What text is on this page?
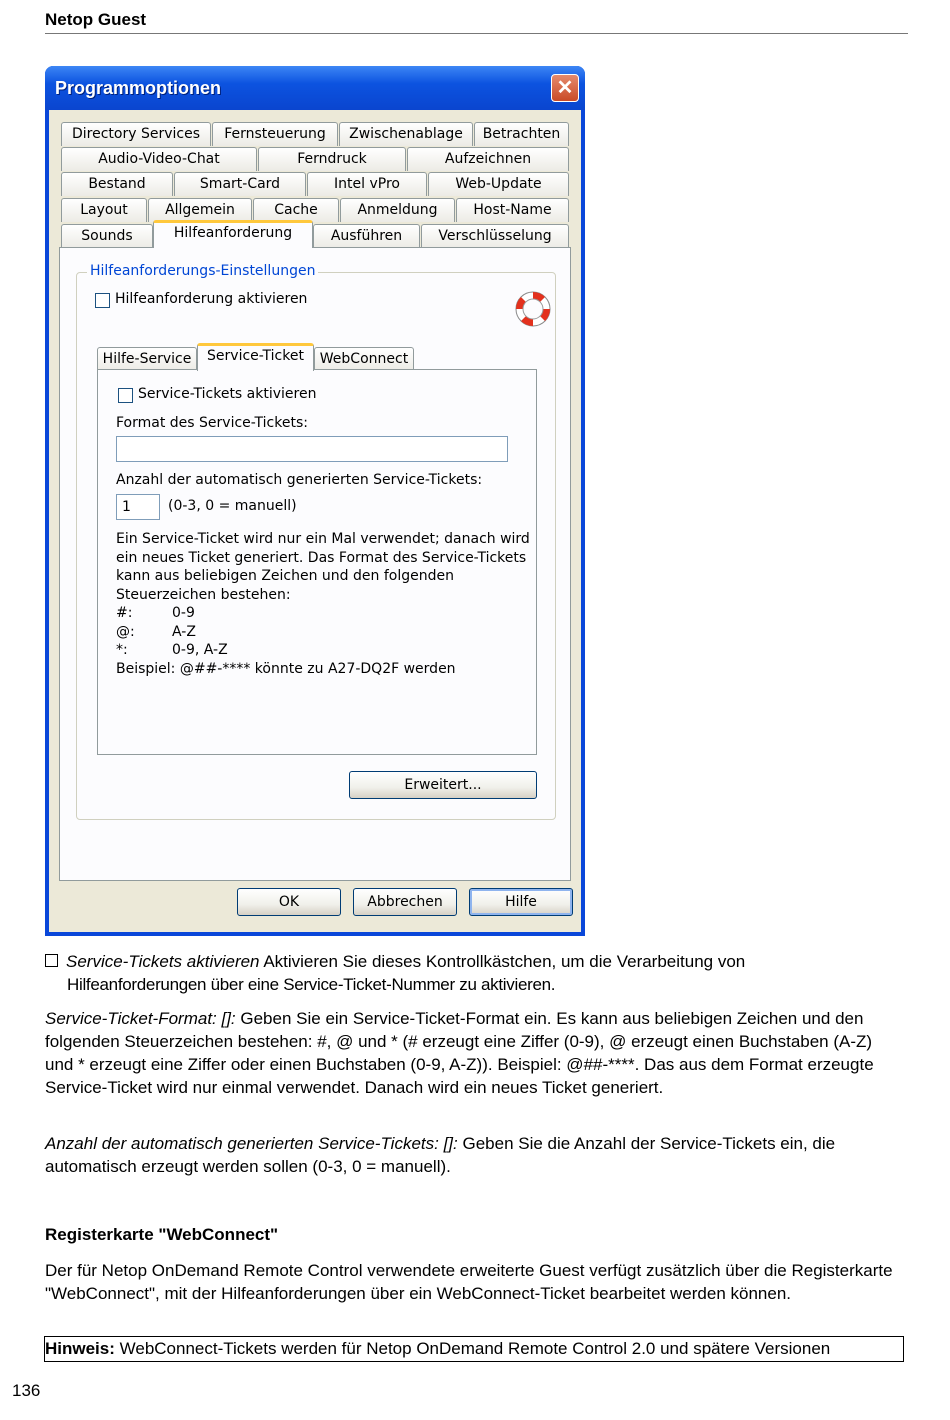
Netop Guest
Programmoptionen	✕
Directory Services	Fernsteuerung	Zwischenablage	Betrachten
Audio-Video-Chat	Ferndruck	Aufzeichnen
Bestand	Smart-Card	Intel vPro	Web-Update
Layout	Allgemein	Cache	Anmeldung	Host-Name
Sounds	Hilfeanforderung	Ausführen	Verschlüsselung
Hilfeanforderungs-Einstellungen
Hilfeanforderung aktivieren
Hilfe-Service	Service-Ticket	WebConnect
Service-Tickets aktivieren
Format des Service-Tickets:
Anzahl der automatisch generierten Service-Tickets:
1	(0-3, 0 = manuell)
Ein Service-Ticket wird nur ein Mal verwendet; danach wird
ein neues Ticket generiert. Das Format des Service-Tickets
kann aus beliebigen Zeichen und den folgenden
Steuerzeichen bestehen:
#:	0-9
@:	A-Z
*:	0-9, A-Z
Beispiel: @##-**** könnte zu A27-DQ2F werden
Erweitert...
OK	Abbrechen	Hilfe
Service-Tickets aktivieren Aktivieren Sie dieses Kontrollkästchen, um die Verarbeitung von
Hilfeanforderungen über eine Service-Ticket-Nummer zu aktivieren.
Service-Ticket-Format: []: Geben Sie ein Service-Ticket-Format ein. Es kann aus beliebigen Zeichen und den folgenden Steuerzeichen bestehen: #, @ und * (# erzeugt eine Ziffer (0-9), @ erzeugt einen Buchstaben (A-Z) und * erzeugt eine Ziffer oder einen Buchstaben (0-9, A-Z)). Beispiel: @##-****. Das aus dem Format erzeugte Service-Ticket wird nur einmal verwendet. Danach wird ein neues Ticket generiert.
Anzahl der automatisch generierten Service-Tickets: []: Geben Sie die Anzahl der Service-Tickets ein, die automatisch erzeugt werden sollen (0-3, 0 = manuell).
Registerkarte "WebConnect"
Der für Netop OnDemand Remote Control verwendete erweiterte Guest verfügt zusätzlich über die Registerkarte "WebConnect", mit der Hilfeanforderungen über ein WebConnect-Ticket bearbeitet werden können.
Hinweis: WebConnect-Tickets werden für Netop OnDemand Remote Control 2.0 und spätere Versionen
136
